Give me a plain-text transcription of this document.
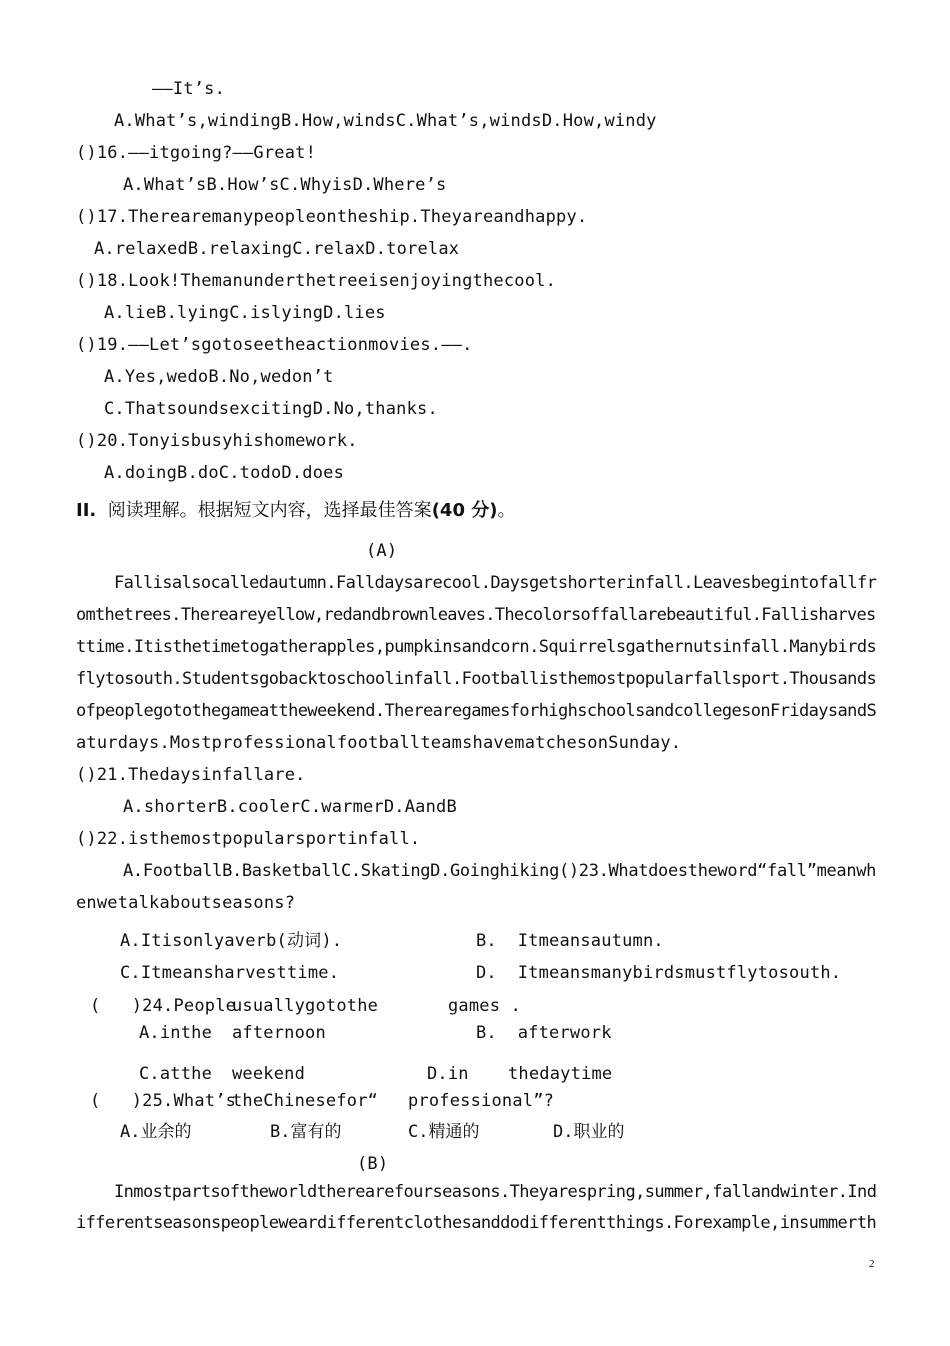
——It’s.
A.What’s,windingB.How,windsC.What’s,windsD.How,windy
()16.——itgoing?——Great!
A.What’sB.How’sC.WhyisD.Where’s
()17.Therearemanypeopleontheship.Theyareandhappy.
A.relaxedB.relaxingC.relaxD.torelax
()18.Look!Themanunderthetreeisenjoyingthecool.
A.lieB.lyingC.islyingD.lies
()19.——Let’sgotoseetheactionmovies.——.
A.Yes,wedoB.No,wedon’t
C.ThatsoundsexcitingD.No,thanks.
()20.Tonyisbusyhishomework.
A.doingB.doC.todoD.does
II. 阅读理解。根据短文内容，选择最佳答案(40 分)。
(A)
Fallisalsocalledautumn.Falldaysarecool.Daysgetshorterinfall.Leavesbegintofallfr
omthetrees.Thereareyellow,redandbrownleaves.Thecolorsoffallarebeautiful.Fallisharves
ttime.Itisthetimetogatherapples,pumpkinsandcorn.Squirrelsgathernutsinfall.Manybirds
flytosouth.Studentsgobacktoschoolinfall.Footballisthemostpopularfallsport.Thousands
ofpeoplegotothegameattheweekend.TherearegamesforhighschoolsandcollegesonFridaysandS
aturdays.MostprofessionalfootballteamshavematchesonSunday.
()21.Thedaysinfallare.
A.shorterB.coolerC.warmerD.AandB
()22.isthemostpopularsportinfall.
A.FootballB.BasketballC.SkatingD.Goinghiking()23.Whatdoestheword“fall”meanwh
enwetalkaboutseasons?
A.Itisonlyaverb(动词).	B.  Itmeansautumn.
C.Itmeansharvesttime.	D.  Itmeansmanybirdsmustflytosouth.
(   )24.People
usuallygotothe	games .
A.inthe afternoon	B.  afterwork
C.atthe weekend	D.in thedaytime
(   )25.What’s
theChinesefor“ professional”?
A.业余的	B.富有的	C.精通的	D.职业的
(B)
Inmostpartsoftheworldtherearefourseasons.Theyarespring,summer,fallandwinter.Ind
ifferentseasonspeopleweardifferentclothesanddodifferentthings.Forexample,insummerth
2
